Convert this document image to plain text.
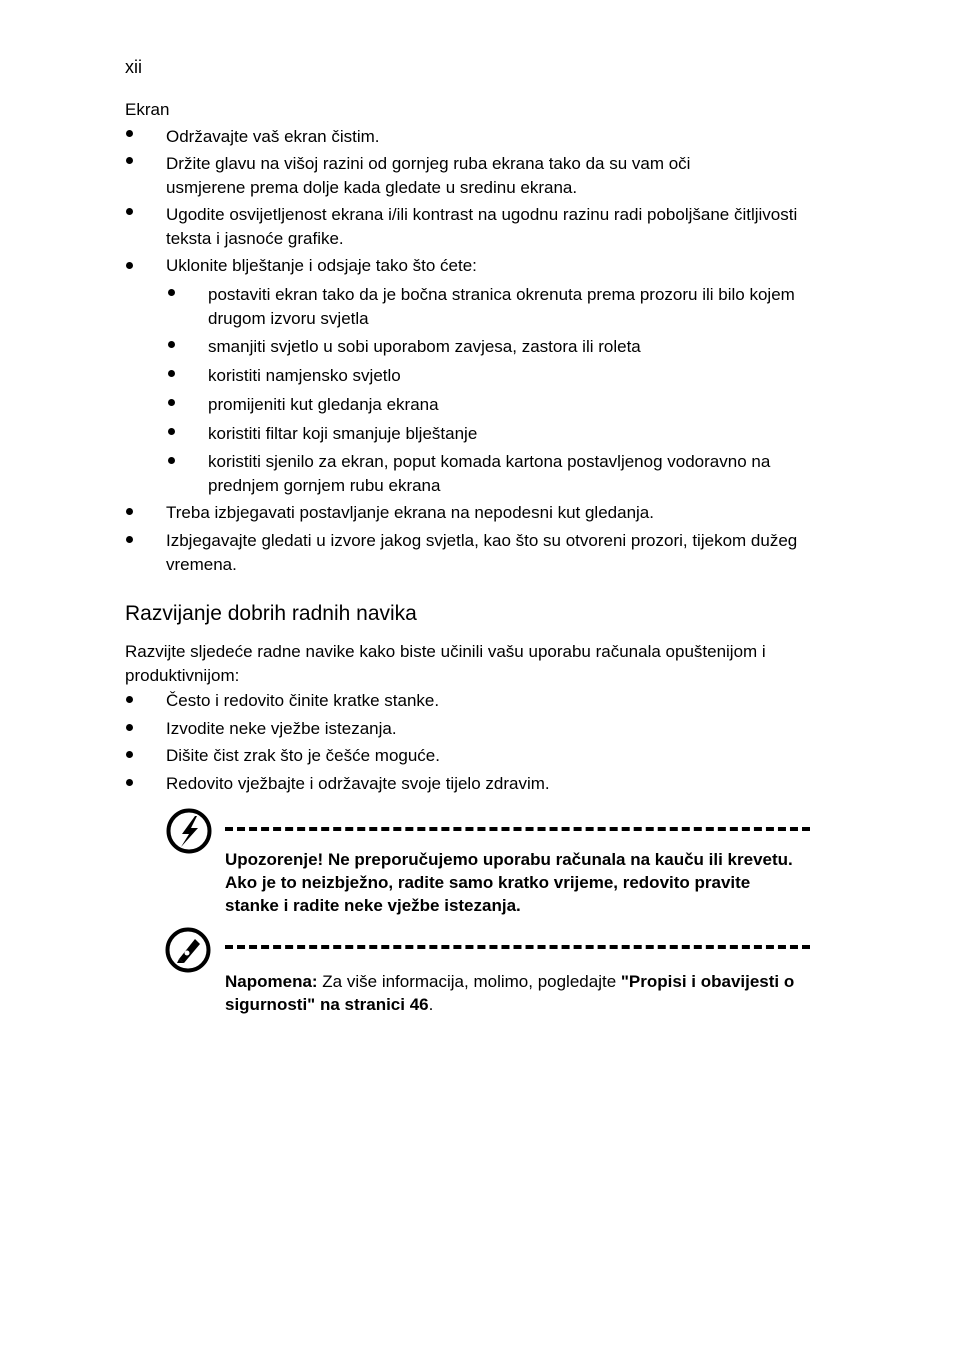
xii
Ekran
Održavajte vaš ekran čistim.
Držite glavu na višoj razini od gornjeg ruba ekrana tako da su vam oči usmjerene prema dolje kada gledate u sredinu ekrana.
Ugodite osvijetljenost ekrana i/ili kontrast na ugodnu razinu radi poboljšane čitljivosti teksta i jasnoće grafike.
Uklonite blještanje i odsjaje tako što ćete:
postaviti ekran tako da je bočna stranica okrenuta prema prozoru ili bilo kojem drugom izvoru svjetla
smanjiti svjetlo u sobi uporabom zavjesa, zastora ili roleta
koristiti namjensko svjetlo
promijeniti kut gledanja ekrana
koristiti filtar koji smanjuje blještanje
koristiti sjenilo za ekran, poput komada kartona postavljenog vodoravno na prednjem gornjem rubu ekrana
Treba izbjegavati postavljanje ekrana na nepodesni kut gledanja.
Izbjegavajte gledati u izvore jakog svjetla, kao što su otvoreni prozori, tijekom dužeg vremena.
Razvijanje dobrih radnih navika
Razvijte sljedeće radne navike kako biste učinili vašu uporabu računala opuštenijom i produktivnijom:
Često i redovito činite kratke stanke.
Izvodite neke vježbe istezanja.
Dišite čist zrak što je češće moguće.
Redovito vježbajte i održavajte svoje tijelo zdravim.
Upozorenje! Ne preporučujemo uporabu računala na kauču ili krevetu. Ako je to neizbježno, radite samo kratko vrijeme, redovito pravite stanke i radite neke vježbe istezanja.
Napomena: Za više informacija, molimo, pogledajte "Propisi i obavijesti o sigurnosti" na stranici 46.
